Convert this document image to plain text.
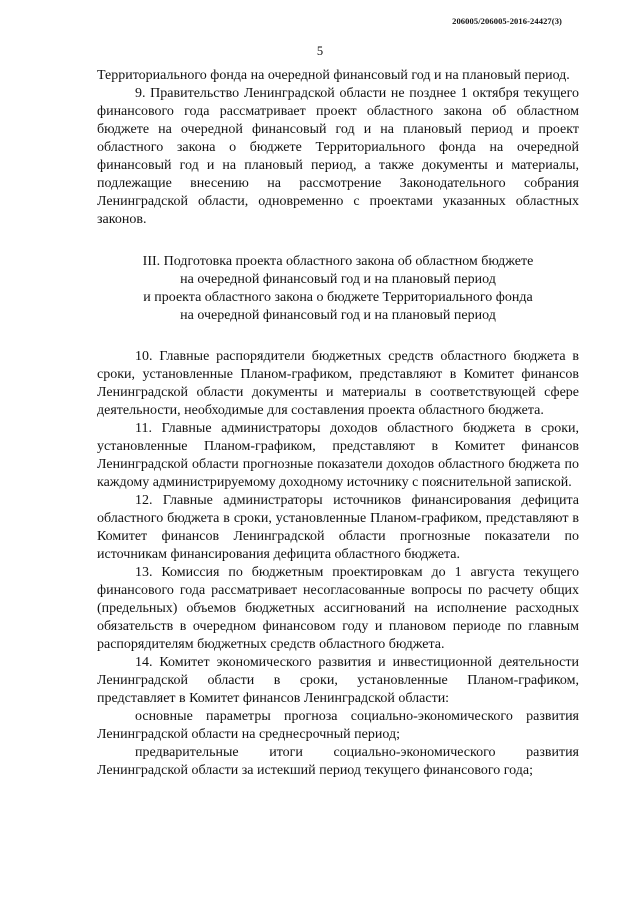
206005/206005-2016-24427(3)
5

Территориального фонда на очередной финансовый год и на плановый период.

9. Правительство Ленинградской области не позднее 1 октября текущего финансового года рассматривает проект областного закона об областном бюджете на очередной финансовый год и на плановый период и проект областного закона о бюджете Территориального фонда на очередной финансовый год и на плановый период, а также документы и материалы, подлежащие внесению на рассмотрение Законодательного собрания Ленинградской области, одновременно с проектами указанных областных законов.

III. Подготовка проекта областного закона об областном бюджете
на очередной финансовый год и на плановый период
и проекта областного закона о бюджете Территориального фонда
на очередной финансовый год и на плановый период

10. Главные распорядители бюджетных средств областного бюджета в сроки, установленные Планом-графиком, представляют в Комитет финансов Ленинградской области документы и материалы в соответствующей сфере деятельности, необходимые для составления проекта областного бюджета.

11. Главные администраторы доходов областного бюджета в сроки, установленные Планом-графиком, представляют в Комитет финансов Ленинградской области прогнозные показатели доходов областного бюджета по каждому администрируемому доходному источнику с пояснительной запиской.

12. Главные администраторы источников финансирования дефицита областного бюджета в сроки, установленные Планом-графиком, представляют в Комитет финансов Ленинградской области прогнозные показатели по источникам финансирования дефицита областного бюджета.

13. Комиссия по бюджетным проектировкам до 1 августа текущего финансового года рассматривает несогласованные вопросы по расчету общих (предельных) объемов бюджетных ассигнований на исполнение расходных обязательств в очередном финансовом году и плановом периоде по главным распорядителям бюджетных средств областного бюджета.

14. Комитет экономического развития и инвестиционной деятельности Ленинградской области в сроки, установленные Планом-графиком, представляет в Комитет финансов Ленинградской области:

основные параметры прогноза социально-экономического развития Ленинградской области на среднесрочный период;

предварительные итоги социально-экономического развития Ленинградской области за истекший период текущего финансового года;
